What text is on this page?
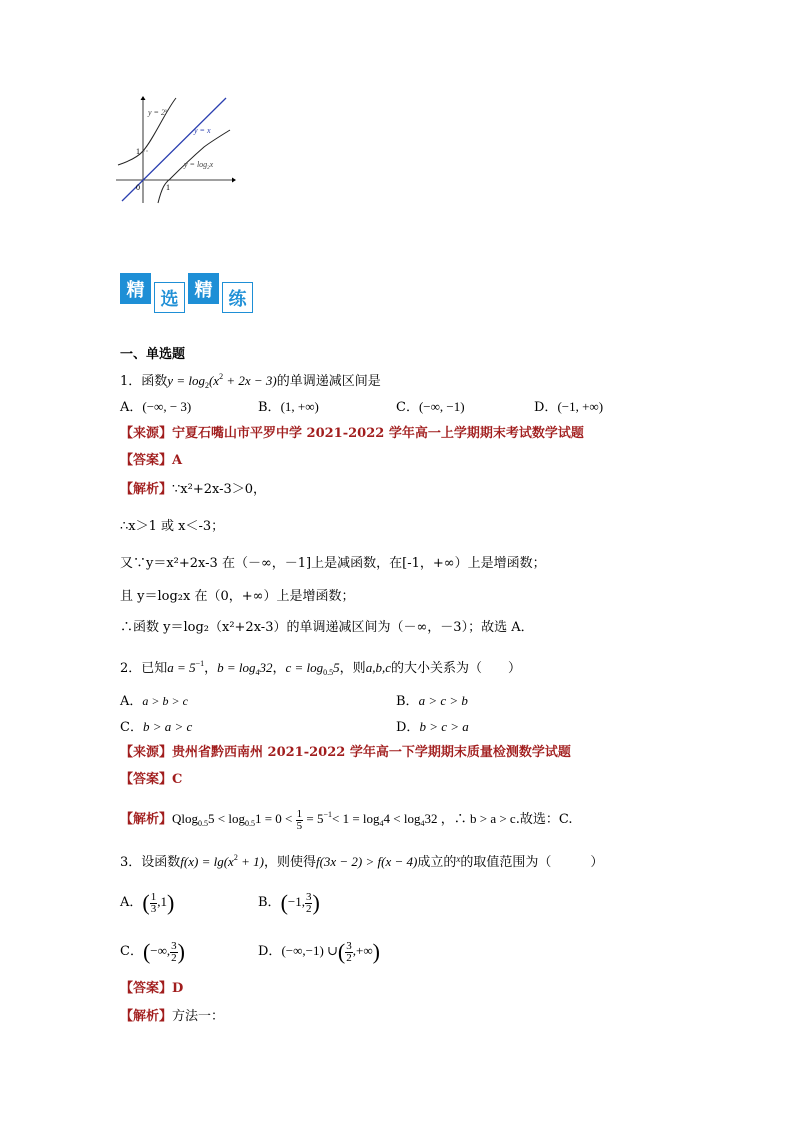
$y = 2^x$
y = x
$y = \log_2x$
1
1
0
精 选 精 练
一、单选题
1．函数$y = \log_2(x^2 + 2x - 3)$的单调递减区间是
A．(−∞, − 3)	B．(1, +∞)	C．(−∞, −1)	D．(−1, +∞)
【来源】宁夏石嘴山市平罗中学 2021-2022 学年高一上学期期末考试数学试题
【答案】A
【解析】∵x²+2x-3＞0，
∴x＞1 或 x＜-3；
又∵y＝x²+2x-3 在（－∞，－1]上是减函数，在[-1，+∞）上是增函数；
且 y＝log₂x 在（0，+∞）上是增函数；
∴函数 y＝log₂（x²+2x-3）的单调递减区间为（－∞，－3）；故选 A．
2．已知$a = 5^{-1}$，$b = \log_432$，$c = \log_{0.5}5$，则a,b,c的大小关系为（　　）
A．a > b > c	B．a > c > b
C．b > a > c	D．b > c > a
【来源】贵州省黔西南州 2021-2022 学年高一下学期期末质量检测数学试题
【答案】C
【解析】$Qlog_{0.5}5 < \log_{0.5}1 = 0 < \frac{1}{5} = 5^{-1}< 1 = \log_44 < \log_432$ ，∴ b > a > c.故选：C.
3．设函数$f(x) = \lg(x^2 + 1)$，则使得f(3x − 2) > f(x − 4)成立的$^x$的取值范围为（　　　）
A．( $\frac{1}{3} ,1$)	B．(−1, $\frac{3}{2}$ )
C．(−∞, $\frac{3}{2}$ )	D．(−∞,−1) ∪( $\frac{3}{2}$ ,+∞)
【答案】D
【解析】方法一：
